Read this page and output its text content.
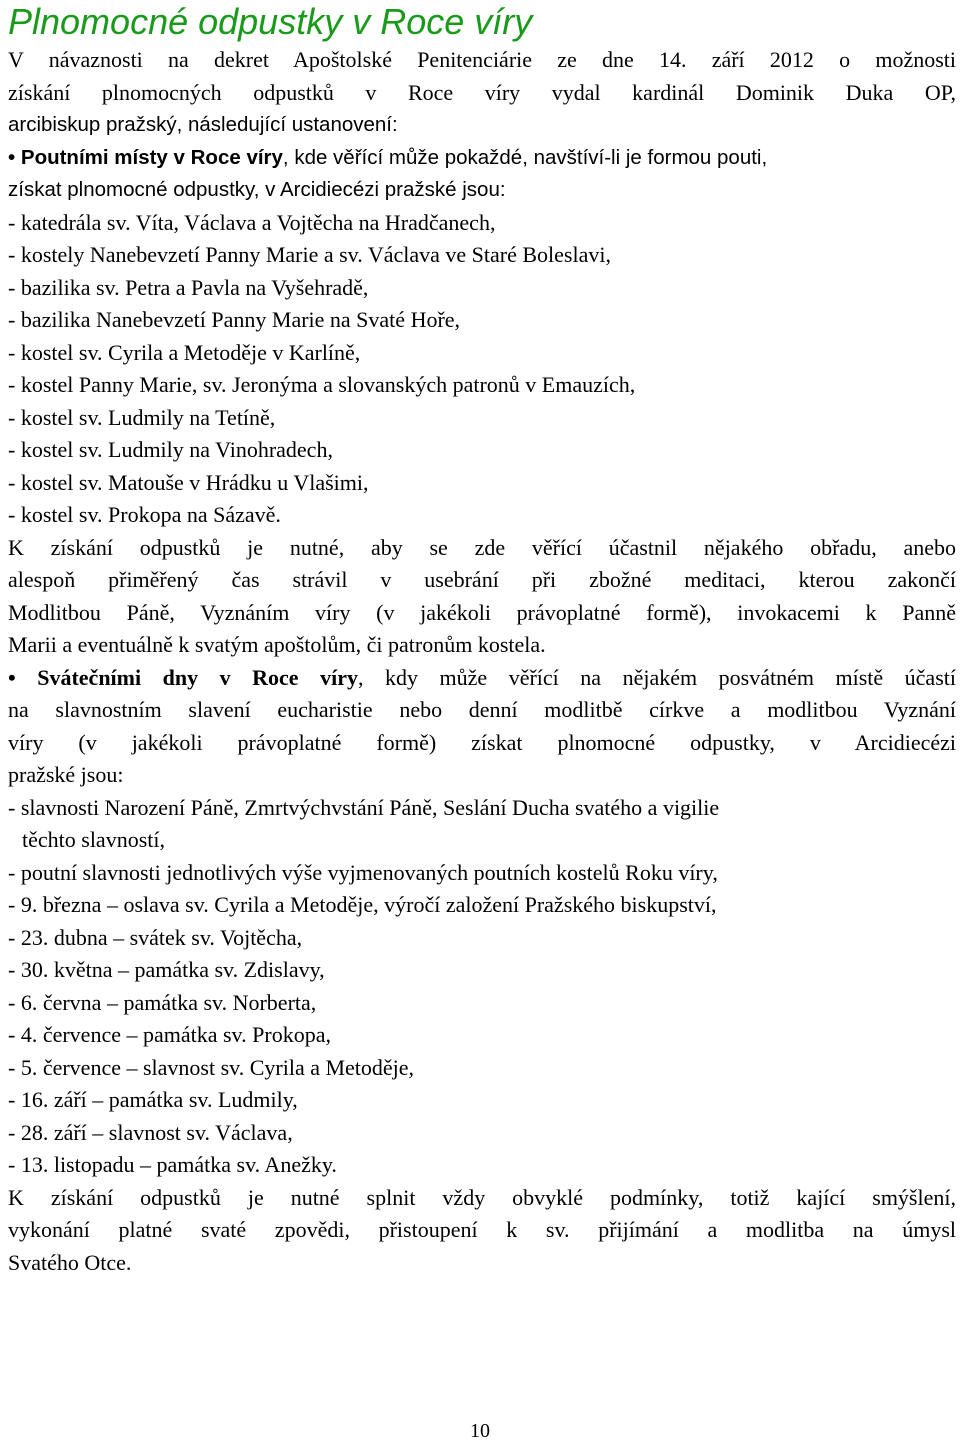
Plnomocné odpustky v Roce víry
V návaznosti na dekret Apoštolské Penitenciárie ze dne 14. září 2012 o možnosti
získání plnomocných odpustků v Roce víry vydal kardinál Dominik Duka OP,
arcibiskup pražský, následující ustanovení:
• Poutními místy v Roce víry, kde věřící může pokaždé, navštíví-li je formou pouti,
získat plnomocné odpustky, v Arcidiecézi pražské jsou:
- katedrála sv. Víta, Václava a Vojtěcha na Hradčanech,
- kostely Nanebevzetí Panny Marie a sv. Václava ve Staré Boleslavi,
- bazilika sv. Petra a Pavla na Vyšehradě,
- bazilika Nanebevzetí Panny Marie na Svaté Hoře,
- kostel sv. Cyrila a Metoděje v Karlíně,
- kostel Panny Marie, sv. Jeronýma a slovanských patronů v Emauzích,
- kostel sv. Ludmily na Tetíně,
- kostel sv. Ludmily na Vinohradech,
- kostel sv. Matouše v Hrádku u Vlašimi,
- kostel sv. Prokopa na Sázavě.
K získání odpustků je nutné, aby se zde věřící účastnil nějakého obřadu, anebo
alespoň přiměřený čas strávil v usebrání při zbožné meditaci, kterou zakončí
Modlitbou Páně, Vyznáním víry (v jakékoli právoplatné formě), invokacemi k Panně
Marii a eventuálně k svatým apoštolům, či patronům kostela.
• Svátečními dny v Roce víry, kdy může věřící na nějakém posvátném místě účastí
na slavnostním slavení eucharistie nebo denní modlitbě církve a modlitbou Vyznání
víry (v jakékoli právoplatné formě) získat plnomocné odpustky, v Arcidiecézi
pražské jsou:
- slavnosti Narození Páně, Zmrtvýchvstání Páně, Seslání Ducha svatého a vigilie
těchto slavností,
- poutní slavnosti jednotlivých výše vyjmenovaných poutních kostelů Roku víry,
- 9. března – oslava sv. Cyrila a Metoděje, výročí založení Pražského biskupství,
- 23. dubna – svátek sv. Vojtěcha,
- 30. května – památka sv. Zdislavy,
- 6. června – památka sv. Norberta,
- 4. července – památka sv. Prokopa,
- 5. července – slavnost sv. Cyrila a Metoděje,
- 16. září – památka sv. Ludmily,
- 28. září – slavnost sv. Václava,
- 13. listopadu – památka sv. Anežky.
K získání odpustků je nutné splnit vždy obvyklé podmínky, totiž kající smýšlení,
vykonání platné svaté zpovědi, přistoupení k sv. přijímání a modlitba na úmysl
Svatého Otce.
10
